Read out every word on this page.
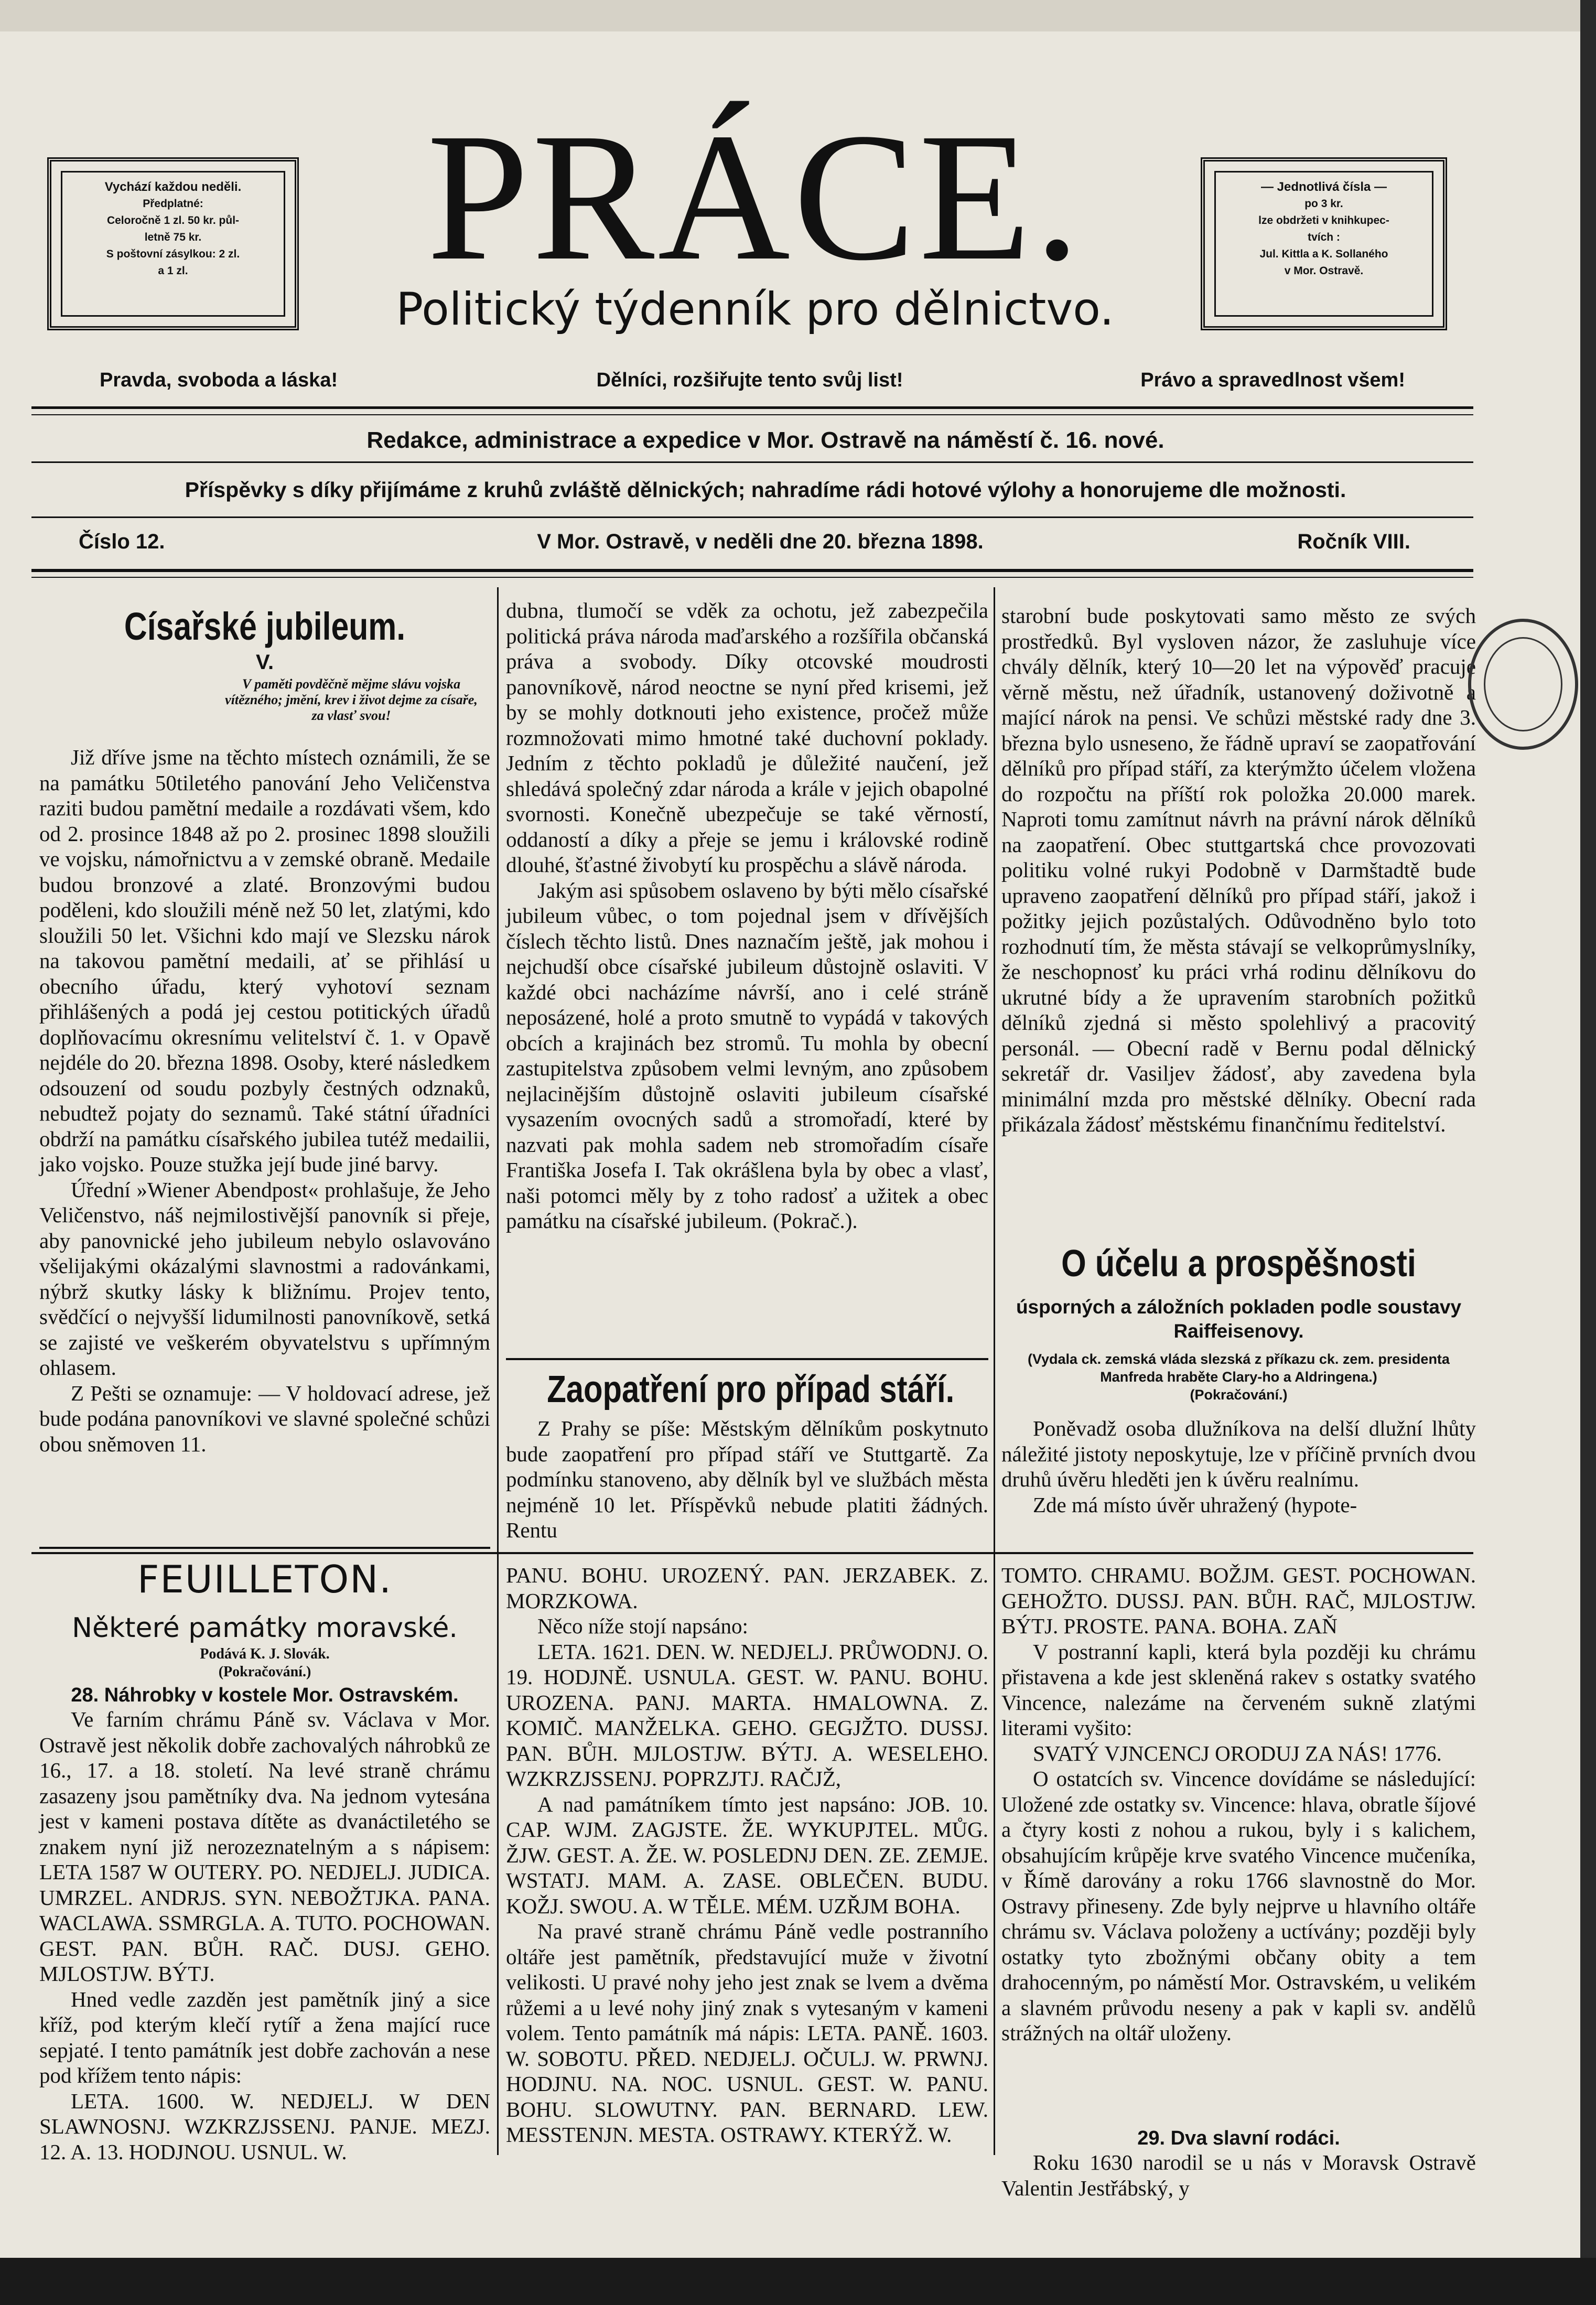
PRÁCE.
Politický týdenník pro dělnictvo.
Vychází každou neděli.
Předplatné:
Celoročně 1 zl. 50 kr. půl-
letně 75 kr.
S poštovní zásylkou: 2 zl.
a 1 zl.
— Jednotlivá čísla —
po 3 kr.
lze obdržeti v knihkupec-
tvích :
Jul. Kittla a K. Sollaného
v Mor. Ostravě.
Pravda, svoboda a láska!	Dělníci, rozšiřujte tento svůj list!	Právo a spravedlnost všem!
Redakce, administrace a expedice v Mor. Ostravě na náměstí č. 16. nové.
Příspěvky s díky přijímáme z kruhů zvláště dělnických; nahradíme rádi hotové výlohy a honorujeme dle možnosti.
Číslo 12.	V Mor. Ostravě, v neděli dne 20. března 1898.	Ročník VIII.
Císařské jubileum.
V.
V paměti povděčně mějme slávu vojska vítězného; jmění, krev i život dejme za císaře, za vlasť svou!

Již dříve jsme na těchto místech oznámili, že se na památku 50tiletého panování Jeho Veličenstva raziti budou pamětní medaile a rozdávati všem, kdo od 2. prosince 1848 až po 2. prosinec 1898 sloužili ve vojsku, námořnictvu a v zemské obraně. Medaile budou bronzové a zlaté. Bronzovými budou poděleni, kdo sloužili méně než 50 let, zlatými, kdo sloužili 50 let. Všichni kdo mají ve Slezsku nárok na takovou pamětní medaili, ať se přihlásí u obecního úřadu, který vyhotoví seznam přihlášených a podá jej cestou potitických úřadů doplňovacímu okresnímu velitelství č. 1. v Opavě nejdéle do 20. března 1898. Osoby, které následkem odsouzení od soudu pozbyly čestných odznaků, nebudtež pojaty do seznamů. Také státní úřadníci obdrží na památku císařského jubilea tutéž medailii, jako vojsko. Pouze stužka její bude jiné barvy.

Úřední »Wiener Abendpost« prohlašuje, že Jeho Veličenstvo, náš nejmilostivější panovník si přeje, aby panovnické jeho jubileum nebylo oslavováno všelijakými okázalými slavnostmi a radovánkami, nýbrž skutky lásky k bližnímu. Projev tento, svědčící o nejvyšší lidumilnosti panovníkově, setká se zajisté ve veškerém obyvatelstvu s upřímným ohlasem.

Z Pešti se oznamuje: — V holdovací adrese, jež bude podána panovníkovi ve slavné společné schůzi obou sněmoven 11.

dubna, tlumočí se vděk za ochotu, jež zabezpečila politická práva národa maďarského a rozšířila občanská práva a svobody. Díky otcovské moudrosti panovníkově, národ neoctne se nyní před krisemi, jež by se mohly dotknouti jeho existence, pročež může rozmnožovati mimo hmotné také duchovní poklady. Jedním z těchto pokladů je důležité naučení, jež shledává společný zdar národa a krále v jejich obapolné svornosti. Konečně ubezpečuje se také věrností, oddaností a díky a přeje se jemu i královské rodině dlouhé, šťastné živobytí ku prospěchu a slávě národa.

Jakým asi spůsobem oslaveno by býti mělo císařské jubileum vůbec, o tom pojednal jsem v dřívějších číslech těchto listů. Dnes naznačím ještě, jak mohou i nejchudší obce císařské jubileum důstojně oslaviti. V každé obci nacházíme návrší, ano i celé stráně neposázené, holé a proto smutně to vypádá v takových obcích a krajinách bez stromů. Tu mohla by obecní zastupitelstva způsobem velmi levným, ano způsobem nejlacinějším důstojně oslaviti jubileum císařské vysazením ovocných sadů a stromořadí, které by nazvati pak mohla sadem neb stromořadím císaře Františka Josefa I. Tak okrášlena byla by obec a vlasť, naši potomci měly by z toho radosť a užitek a obec památku na císařské jubileum. (Pokrač.).

Zaopatření pro případ stáří.

Z Prahy se píše: Městským dělníkům poskytnuto bude zaopatření pro případ stáří ve Stuttgartě. Za podmínku stanoveno, aby dělník byl ve službách města nejméně 10 let. Příspěvků nebude platiti žádných. Rentu

starobní bude poskytovati samo město ze svých prostředků. Byl vysloven názor, že zasluhuje více chvály dělník, který 10—20 let na výpověď pracuje věrně městu, než úřadník, ustanovený doživotně a mající nárok na pensi. Ve schůzi městské rady dne 3. března bylo usneseno, že řádně upraví se zaopatřování dělníků pro případ stáří, za kterýmžto účelem vložena do rozpočtu na příští rok položka 20.000 marek. Naproti tomu zamítnut návrh na právní nárok dělníků na zaopatření. Obec stuttgartská chce provozovati politiku volné rukyi Podobně v Darmštadtě bude upraveno zaopatření dělníků pro případ stáří, jakož i požitky jejich pozůstalých. Odůvodněno bylo toto rozhodnutí tím, že města stávají se velkoprůmyslníky, že neschopnosť ku práci vrhá rodinu dělníkovu do ukrutné bídy a že upravením starobních požitků dělníků zjedná si město spolehlivý a pracovitý personál. — Obecní radě v Bernu podal dělnický sekretář dr. Vasiljev žádosť, aby zavedena byla minimální mzda pro městské dělníky. Obecní rada přikázala žádosť městskému finančnímu ředitelství.

O účelu a prospěšnosti
úsporných a záložních pokladen podle soustavy Raiffeisenovy.
(Vydala ck. zemská vláda slezská z příkazu ck. zem. presidenta Manfreda hraběte Clary-ho a Aldringena.)
(Pokračování.)

Poněvadž osoba dlužníkova na delší dlužní lhůty náležité jistoty neposkytuje, lze v příčině prvních dvou druhů úvěru hleděti jen k úvěru realnímu.

Zde má místo úvěr uhražený (hypote-

FEUILLETON.
Některé památky moravské.
Podává K. J. Slovák.
(Pokračování.)
28. Náhrobky v kostele Mor. Ostravském.

Ve farním chrámu Páně sv. Václava v Mor. Ostravě jest několik dobře zachovalých náhrobků ze 16., 17. a 18. století. Na levé straně chrámu zasazeny jsou pamětníky dva. Na jednom vytesána jest v kameni postava dítěte as dvanáctiletého se znakem nyní již nerozeznatelným a s nápisem: LETA 1587 W OUTERY. PO. NEDJELJ. JUDICA. UMRZEL. ANDRJS. SYN. NEBOŽTJKA. PANA. WACLAWA. SSMRGLA. A. TUTO. POCHOWAN. GEST. PAN. BŮH. RAČ. DUSJ. GEHO. MJLOSTJW. BÝTJ.

Hned vedle zazděn jest pamětník jiný a sice kříž, pod kterým klečí rytíř a žena mající ruce sepjaté. I tento památník jest dobře zachován a nese pod křížem tento nápis:

LETA. 1600. W. NEDJELJ. W DEN SLAWNOSNJ. WZKRZJSSENJ. PANJE. MEZJ. 12. A. 13. HODJNOU. USNUL. W.

PANU. BOHU. UROZENÝ. PAN. JERZABEK. Z. MORZKOWA.

Něco níže stojí napsáno:

LETA. 1621. DEN. W. NEDJELJ. PRŮWODNJ. O. 19. HODJNĚ. USNULA. GEST. W. PANU. BOHU. UROZENA. PANJ. MARTA. HMALOWNA. Z. KOMIČ. MANŽELKA. GEHO. GEGJŽTO. DUSSJ. PAN. BŮH. MJLOSTJW. BÝTJ. A. WESELEHO. WZKRZJSSENJ. POPRZJTJ. RAČJŽ,

A nad památníkem tímto jest napsáno: JOB. 10. CAP. WJM. ZAGJSTE. ŽE. WYKUPJTEL. MŮG. ŽJW. GEST. A. ŽE. W. POSLEDNJ DEN. ZE. ZEMJE. WSTATJ. MAM. A. ZASE. OBLEČEN. BUDU. KOŽJ. SWOU. A. W TĚLE. MÉM. UZŘJM BOHA.

Na pravé straně chrámu Páně vedle postranního oltáře jest pamětník, představující muže v životní velikosti. U pravé nohy jeho jest znak se lvem a dvěma růžemi a u levé nohy jiný znak s vytesaným v kameni volem. Tento památník má nápis: LETA. PANĚ. 1603. W. SOBOTU. PŘED. NEDJELJ. OČULJ. W. PRWNJ. HODJNU. NA. NOC. USNUL. GEST. W. PANU. BOHU. SLOWUTNY. PAN. BERNARD. LEW. MESSTENJN. MESTA. OSTRAWY. KTERÝŽ. W.

TOMTO. CHRAMU. BOŽJM. GEST. POCHOWAN. GEHOŽTO. DUSSJ. PAN. BŮH. RAČ, MJLOSTJW. BÝTJ. PROSTE. PANA. BOHA. ZAŇ

V postranní kapli, která byla později ku chrámu přistavena a kde jest skleněná rakev s ostatky svatého Vincence, nalezáme na červeném sukně zlatými literami vyšito:

SVATÝ VJNCENCJ ORODUJ ZA NÁS! 1776.

O ostatcích sv. Vincence dovídáme se následující: Uložené zde ostatky sv. Vincence: hlava, obratle šíjové a čtyry kosti z nohou a rukou, byly i s kalichem, obsahujícím krůpěje krve svatého Vincence mučeníka, v Římě darovány a roku 1766 slavnostně do Mor. Ostravy přineseny. Zde byly nejprve u hlavního oltáře chrámu sv. Václava položeny a uctívány; později byly ostatky tyto zbožnými občany obity a tem drahocenným, po náměstí Mor. Ostravském, u velikém a slavném průvodu neseny a pak v kapli sv. andělů strážných na oltář uloženy.

29. Dva slavní rodáci.

Roku 1630 narodil se u nás v Moravsk Ostravě Valentin Jestřábský, y
